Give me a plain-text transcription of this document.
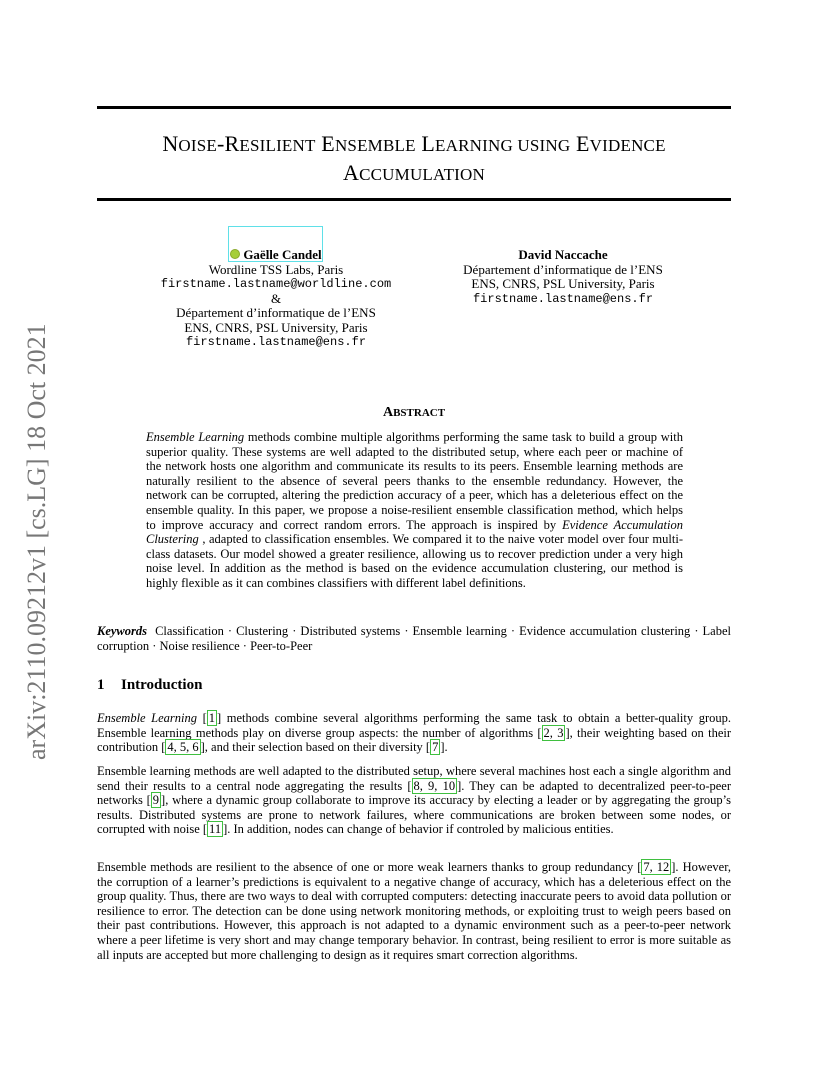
arXiv:2110.09212v1 [cs.LG] 18 Oct 2021
NOISE-RESILIENT ENSEMBLE LEARNING USING EVIDENCE
ACCUMULATION
Gaëlle Candel
Wordline TSS Labs, Paris
firstname.lastname@worldline.com
&
Département d’informatique de l’ENS
ENS, CNRS, PSL University, Paris
firstname.lastname@ens.fr
David Naccache
Département d’informatique de l’ENS
ENS, CNRS, PSL University, Paris
firstname.lastname@ens.fr
ABSTRACT
Ensemble Learning methods combine multiple algorithms performing the same task to build a group with superior quality. These systems are well adapted to the distributed setup, where each peer or machine of the network hosts one algorithm and communicate its results to its peers. Ensemble learning methods are naturally resilient to the absence of several peers thanks to the ensemble redundancy. However, the network can be corrupted, altering the prediction accuracy of a peer, which has a deleterious effect on the ensemble quality. In this paper, we propose a noise-resilient ensemble classification method, which helps to improve accuracy and correct random errors. The approach is inspired by Evidence Accumulation Clustering , adapted to classification ensembles. We compared it to the naive voter model over four multi-class datasets. Our model showed a greater resilience, allowing us to recover prediction under a very high noise level. In addition as the method is based on the evidence accumulation clustering, our method is highly flexible as it can combines classifiers with different label definitions.
Keywords Classification · Clustering · Distributed systems · Ensemble learning · Evidence accumulation clustering · Label corruption · Noise resilience · Peer-to-Peer
1 Introduction

Ensemble Learning [ 1 ] methods combine several algorithms performing the same task to obtain a better-quality group. Ensemble learning methods play on diverse group aspects: the number of algorithms [ 2, 3 ], their weighting based on their contribution [ 4, 5, 6 ], and their selection based on their diversity [ 7 ].

Ensemble learning methods are well adapted to the distributed setup, where several machines host each a single algorithm and send their results to a central node aggregating the results [ 8, 9, 10 ]. They can be adapted to decentralized peer-to-peer networks [ 9 ], where a dynamic group collaborate to improve its accuracy by electing a leader or by aggregating the group’s results. Distributed systems are prone to network failures, where communications are broken between some nodes, or corrupted with noise [ 11 ]. In addition, nodes can change of behavior if controled by malicious entities.

Ensemble methods are resilient to the absence of one or more weak learners thanks to group redundancy [ 7, 12 ]. However, the corruption of a learner’s predictions is equivalent to a negative change of accuracy, which has a deleterious effect on the group quality. Thus, there are two ways to deal with corrupted computers: detecting inaccurate peers to avoid data pollution or resilience to error. The detection can be done using network monitoring methods, or exploiting trust to weigh peers based on their past contributions. However, this approach is not adapted to a dynamic environment such as a peer-to-peer network where a peer lifetime is very short and may change temporary behavior. In contrast, being resilient to error is more suitable as all inputs are accepted but more challenging to design as it requires smart correction algorithms.
